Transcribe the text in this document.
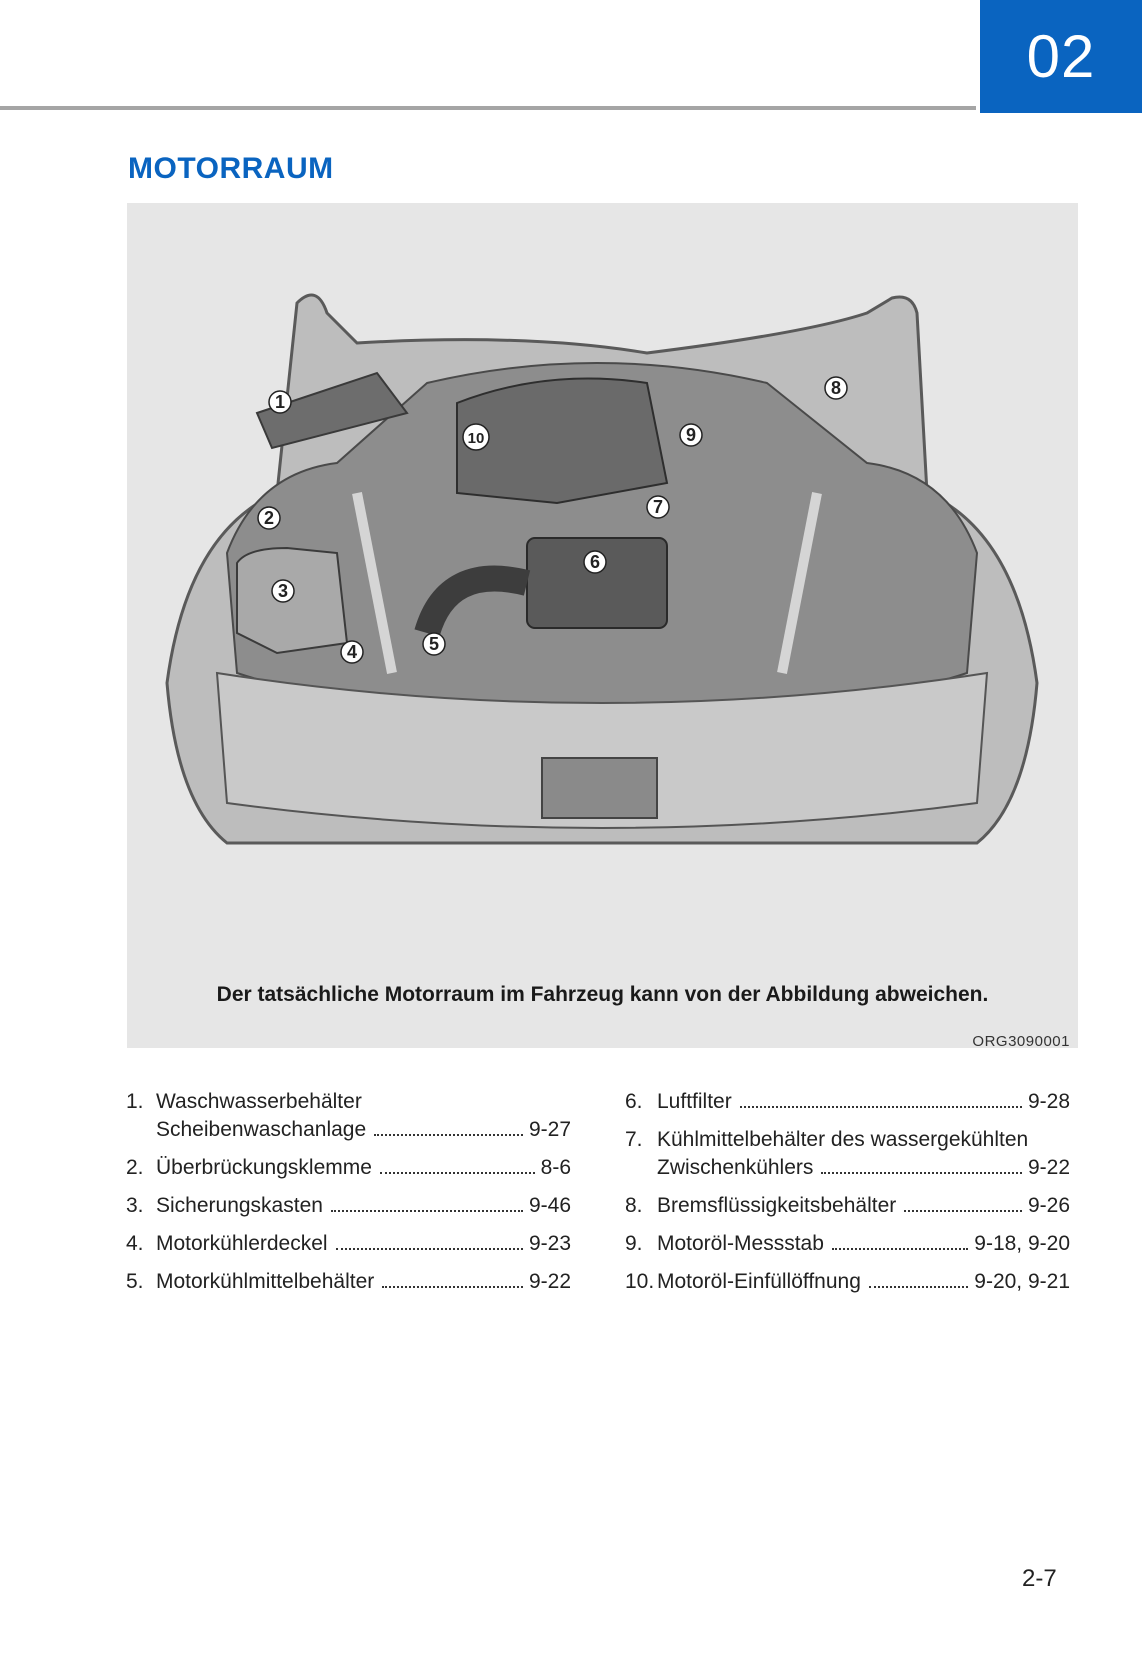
02
MOTORRAUM
1
2
3
4	5
6
7
8
9
10
Der tatsächliche Motorraum im Fahrzeug kann von der Abbildung abweichen.
ORG3090001
1. Waschwasserbehälter
Scheibenwaschanlage	9-27
2. Überbrückungsklemme	8-6
3. Sicherungskasten	9-46
4. Motorkühlerdeckel	9-23
5. Motorkühlmittelbehälter	9-22
6. Luftfilter	9-28
7. Kühlmittelbehälter des wassergekühlten
Zwischenkühlers	9-22
8. Bremsflüssigkeitsbehälter	9-26
9. Motoröl-Messstab	9-18, 9-20
10. Motoröl-Einfüllöffnung	9-20, 9-21
2-7
